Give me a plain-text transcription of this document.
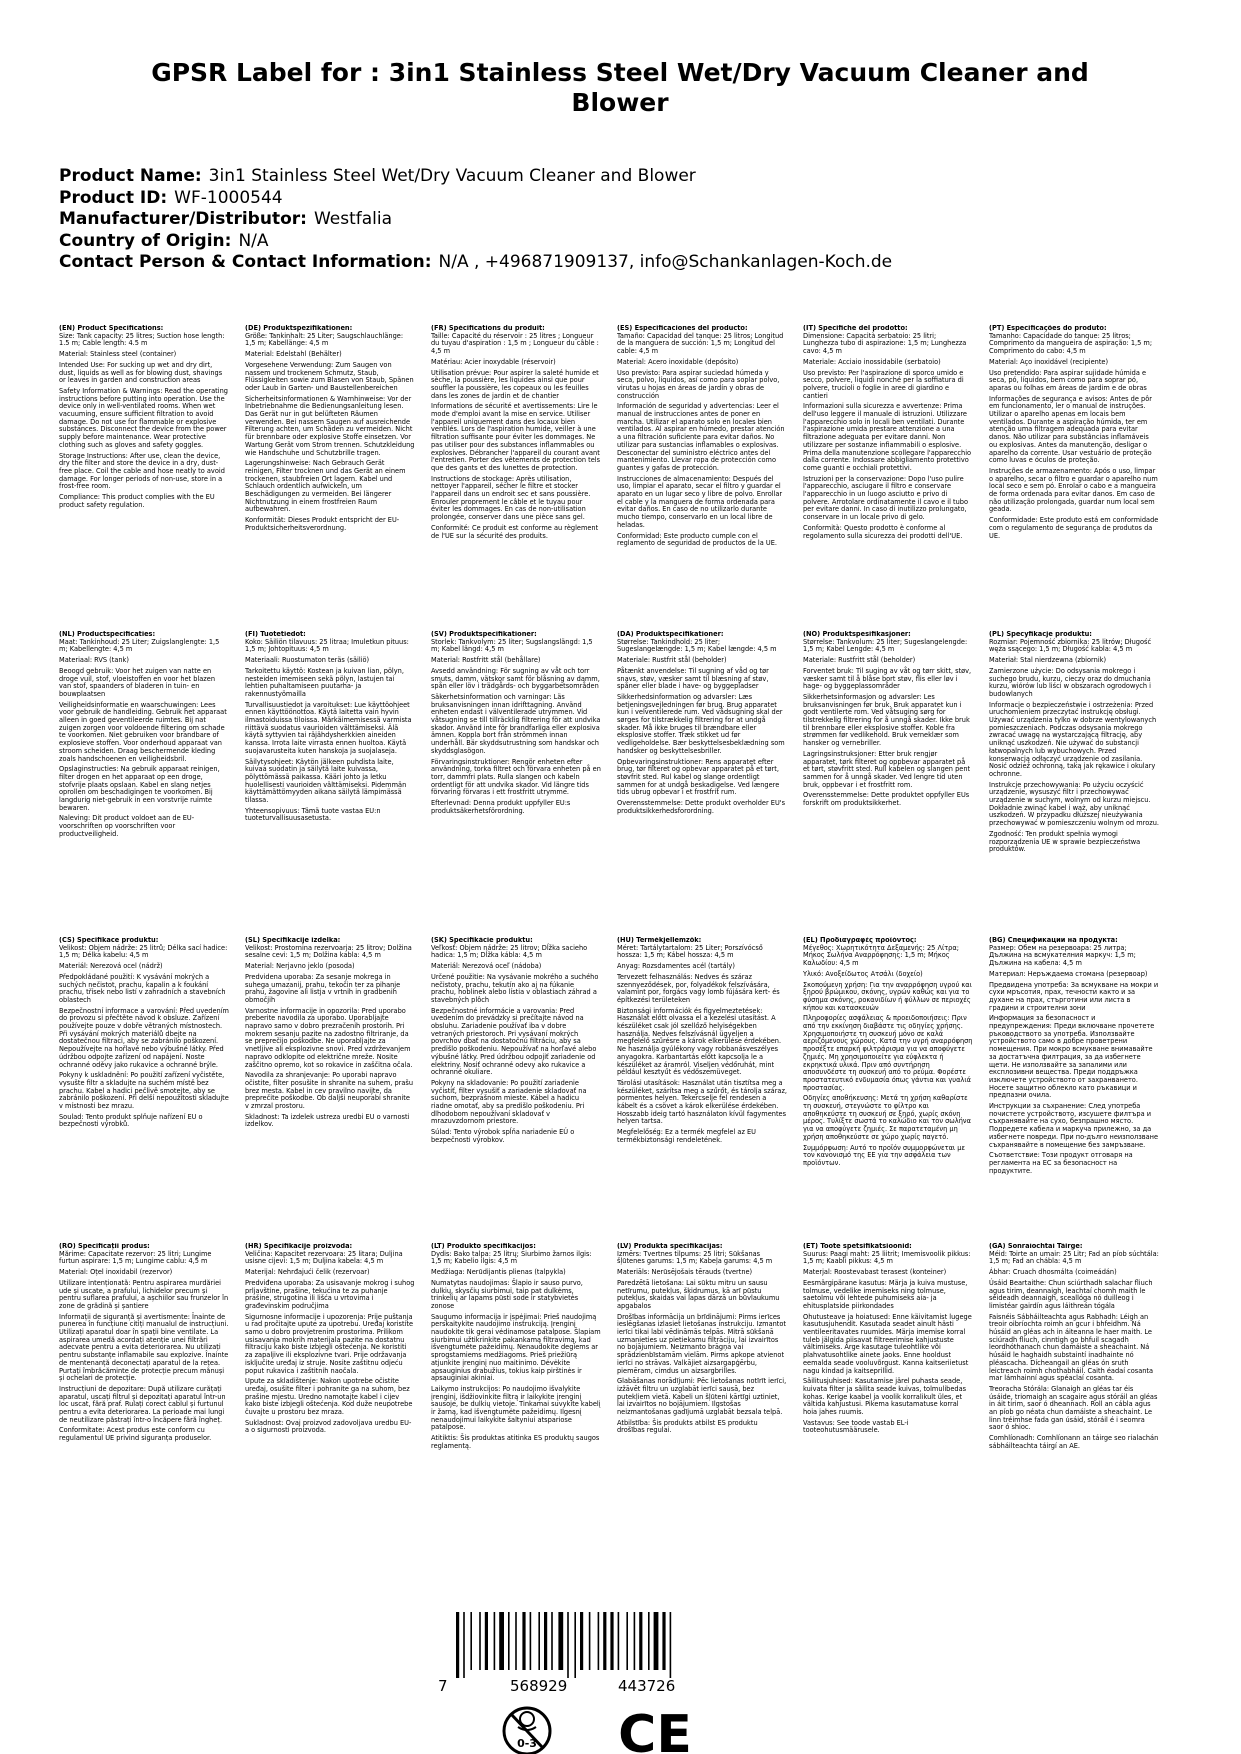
GPSR Label for : 3in1 Stainless Steel Wet/Dry Vacuum Cleaner and Blower
Product Name: 3in1 Stainless Steel Wet/Dry Vacuum Cleaner and Blower
Product ID: WF-1000544
Manufacturer/Distributor: Westfalia
Country of Origin: N/A
Contact Person & Contact Information: N/A , +496871909137, info@Schankanlagen-Koch.de
(EN) Product Specifications:

Size: Tank capacity: 25 litres; Suction hose length: 1.5 m; Cable length: 4.5 m

Material: Stainless steel (container)

Intended Use: For sucking up wet and dry dirt, dust, liquids as well as for blowing dust, shavings or leaves in garden and construction areas

Safety Information & Warnings: Read the operating instructions before putting into operation. Use the device only in well-ventilated rooms. When wet vacuuming, ensure sufficient filtration to avoid damage. Do not use for flammable or explosive substances. Disconnect the device from the power supply before maintenance. Wear protective clothing such as gloves and safety goggles.

Storage Instructions: After use, clean the device, dry the filter and store the device in a dry, dust-free place. Coil the cable and hose neatly to avoid damage. For longer periods of non-use, store in a frost-free room.

Compliance: This product complies with the EU product safety regulation.

(DE) Produktspezifikationen:

Größe: Tankinhalt: 25 Liter; Saugschlauchlänge: 1,5 m; Kabellänge: 4,5 m

Material: Edelstahl (Behälter)

Vorgesehene Verwendung: Zum Saugen von nassem und trockenem Schmutz, Staub, Flüssigkeiten sowie zum Blasen von Staub, Spänen oder Laub in Garten- und Baustellenbereichen

Sicherheitsinformationen & Warnhinweise: Vor der Inbetriebnahme die Bedienungsanleitung lesen. Das Gerät nur in gut belüfteten Räumen verwenden. Bei nassem Saugen auf ausreichende Filterung achten, um Schäden zu vermeiden. Nicht für brennbare oder explosive Stoffe einsetzen. Vor Wartung Gerät vom Strom trennen. Schutzkleidung wie Handschuhe und Schutzbrille tragen.

Lagerungshinweise: Nach Gebrauch Gerät reinigen, Filter trocknen und das Gerät an einem trockenen, staubfreien Ort lagern. Kabel und Schlauch ordentlich aufwickeln, um Beschädigungen zu vermeiden. Bei längerer Nichtnutzung in einem frostfreien Raum aufbewahren.

Konformität: Dieses Produkt entspricht der EU-Produktsicherheitsverordnung.

(FR) Spécifications du produit:

Taille: Capacité du réservoir : 25 litres ; Longueur du tuyau d'aspiration : 1,5 m ; Longueur du câble : 4,5 m

Matériau: Acier inoxydable (réservoir)

Utilisation prévue: Pour aspirer la saleté humide et sèche, la poussière, les liquides ainsi que pour souffler la poussière, les copeaux ou les feuilles dans les zones de jardin et de chantier

Informations de sécurité et avertissements: Lire le mode d'emploi avant la mise en service. Utiliser l'appareil uniquement dans des locaux bien ventilés. Lors de l'aspiration humide, veiller à une filtration suffisante pour éviter les dommages. Ne pas utiliser pour des substances inflammables ou explosives. Débrancher l'appareil du courant avant l'entretien. Porter des vêtements de protection tels que des gants et des lunettes de protection.

Instructions de stockage: Après utilisation, nettoyer l'appareil, sécher le filtre et stocker l'appareil dans un endroit sec et sans poussière. Enrouler proprement le câble et le tuyau pour éviter les dommages. En cas de non-utilisation prolongée, conserver dans une pièce sans gel.

Conformité: Ce produit est conforme au règlement de l'UE sur la sécurité des produits.

(ES) Especificaciones del producto:

Tamaño: Capacidad del tanque: 25 litros; Longitud de la manguera de succión: 1,5 m; Longitud del cable: 4,5 m

Material: Acero inoxidable (depósito)

Uso previsto: Para aspirar suciedad húmeda y seca, polvo, líquidos, así como para soplar polvo, virutas u hojas en áreas de jardín y obras de construcción

Información de seguridad y advertencias: Leer el manual de instrucciones antes de poner en marcha. Utilizar el aparato solo en locales bien ventilados. Al aspirar en húmedo, prestar atención a una filtración suficiente para evitar daños. No utilizar para sustancias inflamables o explosivas. Desconectar del suministro eléctrico antes del mantenimiento. Llevar ropa de protección como guantes y gafas de protección.

Instrucciones de almacenamiento: Después del uso, limpiar el aparato, secar el filtro y guardar el aparato en un lugar seco y libre de polvo. Enrollar el cable y la manguera de forma ordenada para evitar daños. En caso de no utilizarlo durante mucho tiempo, conservarlo en un local libre de heladas.

Conformidad: Este producto cumple con el reglamento de seguridad de productos de la UE.

(IT) Specifiche del prodotto:

Dimensione: Capacità serbatoio: 25 litri; Lunghezza tubo di aspirazione: 1,5 m; Lunghezza cavo: 4,5 m

Materiale: Acciaio inossidabile (serbatoio)

Uso previsto: Per l'aspirazione di sporco umido e secco, polvere, liquidi nonché per la soffiatura di polvere, trucioli o foglie in aree di giardino e cantieri

Informazioni sulla sicurezza e avvertenze: Prima dell'uso leggere il manuale di istruzioni. Utilizzare l'apparecchio solo in locali ben ventilati. Durante l'aspirazione umida prestare attenzione a una filtrazione adeguata per evitare danni. Non utilizzare per sostanze infiammabili o esplosive. Prima della manutenzione scollegare l'apparecchio dalla corrente. Indossare abbigliamento protettivo come guanti e occhiali protettivi.

Istruzioni per la conservazione: Dopo l'uso pulire l'apparecchio, asciugare il filtro e conservare l'apparecchio in un luogo asciutto e privo di polvere. Arrotolare ordinatamente il cavo e il tubo per evitare danni. In caso di inutilizzo prolungato, conservare in un locale privo di gelo.

Conformità: Questo prodotto è conforme al regolamento sulla sicurezza dei prodotti dell'UE.

(PT) Especificações do produto:

Tamanho: Capacidade do tanque: 25 litros; Comprimento da mangueira de aspiração: 1,5 m; Comprimento do cabo: 4,5 m

Material: Aço inoxidável (recipiente)

Uso pretendido: Para aspirar sujidade húmida e seca, pó, líquidos, bem como para soprar pó, aparas ou folhas em áreas de jardim e de obras

Informações de segurança e avisos: Antes de pôr em funcionamento, ler o manual de instruções. Utilizar o aparelho apenas em locais bem ventilados. Durante a aspiração húmida, ter em atenção uma filtragem adequada para evitar danos. Não utilizar para substâncias inflamáveis ou explosivas. Antes da manutenção, desligar o aparelho da corrente. Usar vestuário de proteção como luvas e óculos de proteção.

Instruções de armazenamento: Após o uso, limpar o aparelho, secar o filtro e guardar o aparelho num local seco e sem pó. Enrolar o cabo e a mangueira de forma ordenada para evitar danos. Em caso de não utilização prolongada, guardar num local sem geada.

Conformidade: Este produto está em conformidade com o regulamento de segurança de produtos da UE.

(NL) Productspecificaties:

Maat: Tankinhoud: 25 Liter; Zuigslanglengte: 1,5 m; Kabellengte: 4,5 m

Materiaal: RVS (tank)

Beoogd gebruik: Voor het zuigen van natte en droge vuil, stof, vloeistoffen en voor het blazen van stof, spaanders of bladeren in tuin- en bouwplaatsen

Veiligheidsinformatie en waarschuwingen: Lees voor gebruik de handleiding. Gebruik het apparaat alleen in goed geventileerde ruimtes. Bij nat zuigen zorgen voor voldoende filtering om schade te voorkomen. Niet gebruiken voor brandbare of explosieve stoffen. Voor onderhoud apparaat van stroom scheiden. Draag beschermende kleding zoals handschoenen en veiligheidsbril.

Opslaginstructies: Na gebruik apparaat reinigen, filter drogen en het apparaat op een droge, stofvrije plaats opslaan. Kabel en slang netjes oprollen om beschadigingen te voorkomen. Bij langdurig niet-gebruik in een vorstvrije ruimte bewaren.

Naleving: Dit product voldoet aan de EU-voorschriften op voorschriften voor productveiligheid.

(FI) Tuotetiedot:

Koko: Säiliön tilavuus: 25 litraa; Imuletkun pituus: 1,5 m; Johtopituus: 4,5 m

Materiaali: Ruostumaton teräs (säiliö)

Tarkoitettu käyttö: Kostean ja kuivan lian, pölyn, nesteiden imemiseen sekä pölyn, lastujen tai lehtien puhaltamiseen puutarha- ja rakennustyömailla

Turvallisuustiedot ja varoitukset: Lue käyttöohjeet ennen käyttöönottoa. Käytä laitetta vain hyvin ilmastoiduissa tiloissa. Märkäimemisessä varmista riittävä suodatus vaurioiden välttämiseksi. Älä käytä syttyvien tai räjähdysherkkien aineiden kanssa. Irrota laite virrasta ennen huoltoa. Käytä suojavarusteita kuten hanskoja ja suojalaseja.

Säilytysohjeet: Käytön jälkeen puhdista laite, kuivaa suodatin ja säilytä laite kuivassa, pölyttömässä paikassa. Kääri johto ja letku huolellisesti vaurioiden välttämiseksi. Pidemmän käyttämättömyyden aikana säilytä lämpimässä tilassa.

Yhteensopivuus: Tämä tuote vastaa EU:n tuoteturvallisuusasetusta.

(SV) Produktspecifikationer:

Storlek: Tankvolym: 25 liter; Sugslangslängd: 1,5 m; Kabel längd: 4,5 m

Material: Rostfritt stål (behållare)

Avsedd användning: För sugning av våt och torr smuts, damm, vätskor samt för blåsning av damm, spån eller löv i trädgårds- och byggarbetsområden

Säkerhetsinformation och varningar: Läs bruksanvisningen innan idrifttagning. Använd enheten endast i välventilerade utrymmen. Vid våtsugning se till tillräcklig filtrering för att undvika skador. Använd inte för brandfarliga eller explosiva ämnen. Koppla bort från strömmen innan underhåll. Bär skyddsutrustning som handskar och skyddsglasögon.

Förvaringsinstruktioner: Rengör enheten efter användning, torka filtret och förvara enheten på en torr, dammfri plats. Rulla slangen och kabeln ordentligt för att undvika skador. Vid längre tids förvaring förvaras i ett frostfritt utrymme.

Efterlevnad: Denna produkt uppfyller EU:s produktsäkerhetsförordning.

(DA) Produktspecifikationer:

Størrelse: Tankindhold: 25 liter; Sugeslangelængde: 1,5 m; Kabel længde: 4,5 m

Materiale: Rustfrit stål (beholder)

Påtænkt anvendelse: Til sugning af våd og tør snavs, støv, væsker samt til blæsning af støv, spåner eller blade i have- og byggepladser

Sikkerhedsinformation og advarsler: Læs betjeningsvejledningen før brug. Brug apparatet kun i velventilerede rum. Ved vådsugning skal der sørges for tilstrækkelig filtrering for at undgå skader. Må ikke bruges til brændbare eller eksplosive stoffer. Træk stikket ud før vedligeholdelse. Bær beskyttelsesbeklædning som handsker og beskyttelsesbriller.

Opbevaringsinstruktioner: Rens apparatet efter brug, tør filteret og opbevar apparatet på et tørt, støvfrit sted. Rul kabel og slange ordentligt sammen for at undgå beskadigelse. Ved længere tids ubrug opbevar i et frostfrit rum.

Overensstemmelse: Dette produkt overholder EU's produktsikkerhedsforordning.

(NO) Produktspesifikasjoner:

Størrelse: Tankvolum: 25 liter; Sugeslangelengde: 1,5 m; Kabel Lengde: 4,5 m

Materiale: Rustfritt stål (beholder)

Forventet bruk: Til suging av våt og tørr skitt, støv, væsker samt til å blåse bort støv, flis eller løv i hage- og byggeplassområder

Sikkerhetsinformasjon og advarsler: Les bruksanvisningen før bruk. Bruk apparatet kun i godt ventilerte rom. Ved våtsuging sørg for tilstrekkelig filtrering for å unngå skader. Ikke bruk til brennbare eller eksplosive stoffer. Koble fra strømmen før vedlikehold. Bruk verneklær som hansker og vernebriller.

Lagringsinstruksjoner: Etter bruk rengjør apparatet, tørk filteret og oppbevar apparatet på et tørt, støvfritt sted. Rull kabelen og slangen pent sammen for å unngå skader. Ved lengre tid uten bruk, oppbevar i et frostfritt rom.

Overensstemmelse: Dette produktet oppfyller EUs forskrift om produktsikkerhet.

(PL) Specyfikacje produktu:

Rozmiar: Pojemność zbiornika: 25 litrów; Długość węża ssącego: 1,5 m; Długość kabla: 4,5 m

Materiał: Stal nierdzewna (zbiornik)

Zamierzone użycie: Do odsysania mokrego i suchego brudu, kurzu, cieczy oraz do dmuchania kurzu, wiórów lub liści w obszarach ogrodowych i budowlanych

Informacje o bezpieczeństwie i ostrzeżenia: Przed uruchomieniem przeczytać instrukcję obsługi. Używać urządzenia tylko w dobrze wentylowanych pomieszczeniach. Podczas odsysania mokrego zwracać uwagę na wystarczającą filtrację, aby uniknąć uszkodzeń. Nie używać do substancji łatwopalnych lub wybuchowych. Przed konserwacją odłączyć urządzenie od zasilania. Nosić odzież ochronną, taką jak rękawice i okulary ochronne.

Instrukcje przechowywania: Po użyciu oczyścić urządzenie, wysuszyć filtr i przechowywać urządzenie w suchym, wolnym od kurzu miejscu. Dokładnie zwinąć kabel i wąż, aby uniknąć uszkodzeń. W przypadku dłuższej nieużywania przechowywać w pomieszczeniu wolnym od mrozu.

Zgodność: Ten produkt spełnia wymogi rozporządzenia UE w sprawie bezpieczeństwa produktów.

(CS) Specifikace produktu:

Velikost: Objem nádrže: 25 litrů; Délka sací hadice: 1,5 m; Délka kabelu: 4,5 m

Materiál: Nerezová ocel (nádrž)

Předpokládané použití: K vysávání mokrých a suchých nečistot, prachu, kapalin a k foukání prachu, třísek nebo listí v zahradních a stavebních oblastech

Bezpečnostní informace a varování: Před uvedením do provozu si přečtěte návod k obsluze. Zařízení používejte pouze v dobře větraných místnostech. Při vysávání mokrých materiálů dbejte na dostatečnou filtraci, aby se zabránilo poškození. Nepoužívejte na hořlavé nebo výbušné látky. Před údržbou odpojte zařízení od napájení. Noste ochranné oděvy jako rukavice a ochranné brýle.

Pokyny k uskladnění: Po použití zařízení vyčistěte, vysušte filtr a skladujte na suchém místě bez prachu. Kabel a hadici pečlivě smotejte, aby se zabránilo poškození. Při delší nepoužitosti skladujte v místnosti bez mrazu.

Soulad: Tento produkt splňuje nařízení EU o bezpečnosti výrobků.

(SL) Specifikacije izdelka:

Velikost: Prostornina rezervoarja: 25 litrov; Dolžina sesalne cevi: 1,5 m; Dolžina kabla: 4,5 m

Material: Nerjavno jeklo (posoda)

Predvidena uporaba: Za sesanje mokrega in suhega umazanij, prahu, tekočin ter za pihanje prahu, žagovine ali listja v vrtnih in gradbenih območjih

Varnostne informacije in opozorila: Pred uporabo preberite navodila za uporabo. Uporabljajte napravo samo v dobro prezračenih prostorih. Pri mokrem sesanju pazite na zadostno filtriranje, da se preprečijo poškodbe. Ne uporabljajte za vnetljive ali eksplozivne snovi. Pred vzdrževanjem napravo odklopite od električne mreže. Nosite zaščitno opremo, kot so rokavice in zaščitna očala.

Navodila za shranjevanje: Po uporabi napravo očistite, filter posušite in shranite na suhem, prašu brez mesta. Kabel in cev pravilno navijte, da preprečite poškodbe. Ob daljši neuporabi shranite v zmrzal prostoru.

Skladnost: Ta izdelek ustreza uredbi EU o varnosti izdelkov.

(SK) Špecifikácie produktu:

Veľkosť: Objem nádrže: 25 litrov; Dĺžka sacieho hadica: 1,5 m; Dĺžka kábla: 4,5 m

Materiál: Nerezová oceľ (nádoba)

Určené použitie: Na vysávanie mokrého a suchého nečistoty, prachu, tekutín ako aj na fúkanie prachu, hoblinek alebo lístia v oblastiach záhrad a stavebných plôch

Bezpečnostné informácie a varovania: Pred uvedením do prevádzky si prečítajte návod na obsluhu. Zariadenie používať iba v dobre vetraných priestoroch. Pri vysávaní mokrých povrchov dbať na dostatočnú filtráciu, aby sa predišlo poškodeniu. Nepoužívať na horľavé alebo výbušné látky. Pred údržbou odpojiť zariadenie od elektriny. Nosiť ochranné odevy ako rukavice a ochranné okuliare.

Pokyny na skladovanie: Po použití zariadenie vyčistiť, filter vysušiť a zariadenie skladovať na suchom, bezprašnom mieste. Kábel a hadicu riadne omotať, aby sa predišlo poškodeniu. Pri dlhodobom nepoužívaní skladovať v mrazuvzdornom priestore.

Súlad: Tento výrobok spĺňa nariadenie EÚ o bezpečnosti výrobkov.

(HU) Termékjellemzők:

Méret: Tartálytartalom: 25 Liter; Porszívócső hossza: 1,5 m; Kábel hossza: 4,5 m

Anyag: Rozsdamentes acél (tartály)

Tervezett felhasználás: Nedves és száraz szennyeződések, por, folyadékok felszívására, valamint por, forgács vagy lomb fújására kert- és építkezési területeken

Biztonsági információk és figyelmeztetések: Használat előtt olvassa el a kezelési utasítást. A készüléket csak jól szellőző helyiségekben használja. Nedves felszívásnál ügyeljen a megfelelő szűrésre a károk elkerülése érdekében. Ne használja gyúlékony vagy robbanásveszélyes anyagokra. Karbantartás előtt kapcsolja le a készüléket az áramról. Viseljen védőruhát, mint például kesztyűt és védőszemüveget.

Tárolási utasítások: Használat után tisztítsa meg a készüléket, szárítsa meg a szűrőt, és tárolja száraz, pormentes helyen. Tekercselje fel rendesen a kábelt és a csövet a károk elkerülése érdekében. Hosszabb ideig tartó használaton kívül fagymentes helyen tartsa.

Megfelelőség: Ez a termék megfelel az EU termékbiztonsági rendeletének.

(EL) Προδιαγραφές προϊόντος:

Μέγεθος: Χωρητικότητα Δεξαμενής: 25 Λίτρα; Μήκος Σωλήνα Αναρρόφησης: 1,5 m; Μήκος Καλωδίου: 4,5 m

Υλικό: Ανοξείδωτος Ατσάλι (δοχείο)

Σκοπούμενη χρήση: Για την αναρρόφηση υγρού και ξηρού βρώμικου, σκόνης, υγρών καθώς και για το φύσημα σκόνης, ροκανιδίων ή φύλλων σε περιοχές κήπου και κατασκευών

Πληροφορίες ασφάλειας & προειδοποιήσεις: Πριν από την εκκίνηση διαβάστε τις οδηγίες χρήσης. Χρησιμοποιήστε τη συσκευή μόνο σε καλά αεριζόμενους χώρους. Κατά την υγρή αναρρόφηση προσέξτε επαρκή φιλτράρισμα για να αποφύγετε ζημιές. Μη χρησιμοποιείτε για εύφλεκτα ή εκρηκτικά υλικά. Πριν από συντήρηση αποσυνδέστε τη συσκευή από το ρεύμα. Φορέστε προστατευτικό ενδυμασία όπως γάντια και γυαλιά προστασίας.

Οδηγίες αποθήκευσης: Μετά τη χρήση καθαρίστε τη συσκευή, στεγνώστε το φίλτρο και αποθηκεύστε τη συσκευή σε ξηρό, χωρίς σκόνη μέρος. Τυλίξτε σωστά το καλώδιο και τον σωλήνα για να αποφύγετε ζημιές. Σε παρατεταμένη μη χρήση αποθηκεύστε σε χώρο χωρίς παγετό.

Συμμόρφωση: Αυτό το προϊόν συμμορφώνεται με τον κανονισμό της ΕΕ για την ασφάλεια των προϊόντων.

(BG) Спецификации на продукта:

Размер: Обем на резервоара: 25 литра; Дължина на всмукателния маркуч: 1,5 m; Дължина на кабела: 4,5 m

Материал: Неръждаема стомана (резервоар)

Предвидена употреба: За всмукване на мокри и сухи мръсотия, прах, течности както и за духане на прах, стърготини или листа в градини и строителни зони

Информация за безопасност и предупреждения: Преди включване прочетете ръководството за употреба. Използвайте устройството само в добре проветрени помещения. При мокро всмукване внимавайте за достатъчна филтрация, за да избегнете щети. Не използвайте за запалими или експлозивни вещества. Преди поддръжка изключете устройството от захранването. Носете защитно облекло като ръкавици и предпазни очила.

Инструкции за съхранение: След употреба почистете устройството, изсушете филтъра и съхранявайте на сухо, безпрашно място. Подредете кабела и маркуча прилежно, за да избегнете повреди. При по-дълго неизползване съхранявайте в помещение без замръзване.

Съответствие: Този продукт отговаря на регламента на ЕС за безопасност на продуктите.

(RO) Specificații produs:

Mărime: Capacitate rezervor: 25 litri; Lungime furtun aspirare: 1,5 m; Lungime cablu: 4,5 m

Material: Oțel inoxidabil (rezervor)

Utilizare intenționată: Pentru aspirarea murdăriei ude și uscate, a prafului, lichidelor precum și pentru suflarea prafului, a așchiilor sau frunzelor în zone de grădină și șantiere

Informații de siguranță și avertismente: Înainte de punerea în funcțiune citiți manualul de instrucțiuni. Utilizați aparatul doar în spații bine ventilate. La aspirarea umedă acordați atenție unei filtrări adecvate pentru a evita deteriorarea. Nu utilizați pentru substanțe inflamabile sau explozive. Înainte de mentenanță deconectați aparatul de la rețea. Purtați îmbrăcăminte de protecție precum mănuși și ochelari de protecție.

Instrucțiuni de depozitare: După utilizare curățați aparatul, uscați filtrul și depozitați aparatul într-un loc uscat, fără praf. Rulați corect cablul și furtunul pentru a evita deteriorarea. La perioade mai lungi de neutilizare păstrați într-o încăpere fără îngheț.

Conformitate: Acest produs este conform cu regulamentul UE privind siguranța produselor.

(HR) Specifikacije proizvoda:

Veličina: Kapacitet rezervoara: 25 litara; Duljina usisne cijevi: 1,5 m; Duljina kabela: 4,5 m

Materijal: Nehrđajući čelik (rezervoar)

Predviđena uporaba: Za usisavanje mokrog i suhog prljavštine, prašine, tekućina te za puhanje prašine, strugotina ili lišća u vrtovima i građevinskim područjima

Sigurnosne informacije i upozorenja: Prije puštanja u rad pročitajte upute za upotrebu. Uređaj koristite samo u dobro provjetrenim prostorima. Prilikom usisavanja mokrih materijala pazite na dostatnu filtraciju kako biste izbjegli oštećenja. Ne koristiti za zapaljive ili eksplozivne tvari. Prije održavanja isključite uređaj iz struje. Nosite zaštitnu odjeću poput rukavica i zaštitnih naočala.

Upute za skladištenje: Nakon upotrebe očistite uređaj, osušite filter i pohranite ga na suhom, bez prašine mjestu. Uredno namotajte kabel i cijev kako biste izbjegli oštećenja. Kod duže neupotrebe čuvajte u prostoru bez mraza.

Sukladnost: Ovaj proizvod zadovoljava uredbu EU-a o sigurnosti proizvoda.

(LT) Produkto specifikacijos:

Dydis: Bako talpa: 25 litrų; Siurbimo žarnos ilgis: 1,5 m; Kabelio ilgis: 4,5 m

Medžiaga: Nerūdijantis plienas (talpykla)

Numatytas naudojimas: Šlapio ir sauso purvo, dulkių, skysčių siurbimui, taip pat dulkėms, trinkelių ar lapams pūsti sode ir statybvietės zonose

Saugumo informacija ir įspėjimai: Prieš naudojimą perskaitykite naudojimo instrukciją. Įrenginį naudokite tik gerai vėdinamose patalpose. Šlapiam siurbimui užtikrinkite pakankamą filtravimą, kad išvengtumėte pažeidimų. Nenaudokite degiems ar sprogstamiems medžiagoms. Prieš priežiūrą atjunkite įrenginį nuo maitinimo. Dėvėkite apsauginius drabužius, tokius kaip pirštinės ir apsauginiai akiniai.

Laikymo instrukcijos: Po naudojimo išvalykite įrenginį, išdžiovinkite filtrą ir laikykite įrenginį sausoje, be dulkių vietoje. Tinkamai suvykite kabelį ir žarną, kad išvengtumėte pažeidimų. Ilgesnį nenaudojimui laikykite šaltyniui atspariose patalpose.

Atitiktis: Šis produktas atitinka ES produktų saugos reglamentą.

(LV) Produkta specifikācijas:

Izmērs: Tvertnes tilpums: 25 litri; Sūkšanas šļūtenes garums: 1,5 m; Kabeļa garums: 4,5 m

Materiāls: Nerūsējošais tērauds (tvertne)

Paredzētā lietošana: Lai sūktu mitru un sausu netīrumu, putekļus, šķidrumus, kā arī pūstu putekļus, skaidas vai lapas dārzā un būvlaukumu apgabalos

Drošības informācija un brīdinājumi: Pirms ierīces ieslēgšanas izlasiet lietošanas instrukciju. Izmantot ierīci tikai labi vēdināmās telpās. Mitrā sūkšanā uzmanieties uz pietiekamu filtrāciju, lai izvairītos no bojājumiem. Neizmanto brāgņa vai sprādzienbīstamām vielām. Pirms apkope atvienot ierīci no strāvas. Valkājiet aizsargapģērbu, piemēram, cimdus un aizsargbrilles.

Glabāšanas norādījumi: Pēc lietošanas notīrīt ierīci, izžāvēt filtru un uzglabāt ierīci sausā, bez putekļiem vietā. Kabeli un šļūteni kārtīgi uztiniet, lai izvairītos no bojājumiem. Ilgstošas neizmantošanas gadījumā uzglabāt bezsala telpā.

Atbilstība: Šis produkts atbilst ES produktu drošības regulai.

(ET) Toote spetsifikatsioonid:

Suurus: Paagi maht: 25 liitrit; Imemisvoolik pikkus: 1,5 m; Kaabli pikkus: 4,5 m

Materjal: Roostevabast terasest (konteiner)

Eesmärgipärane kasutus: Märja ja kuiva mustuse, tolmuse, vedelike imemiseks ning tolmuse, saetolmu või lehtede puhumiseks aia- ja ehitusplatside piirkondades

Ohutusteave ja hoiatused: Enne käivitamist lugege kasutusjuhendit. Kasutada seadet ainult hästi ventileeritavates ruumides. Märja imemise korral tuleb jälgida piisavat filtreerimise kahjustuste vältimiseks. Ärge kasutage tuleohtlike või plahvatusohtlike ainete jaoks. Enne hooldust eemalda seade vooluvõrgust. Kanna kaitseriietust nagu kindad ja kaitseprillid.

Säilitusjuhised: Kasutamise järel puhasta seade, kuivata filter ja säilita seade kuivas, tolmulibedas kohas. Kerige kaabel ja voolik korralikult üles, et vältida kahjustusi. Pikema kasutamatuse korral hoia jahes ruumis.

Vastavus: See toode vastab EL-i tooteohutusmäärusele.

(GA) Sonraíochtaí Táirge:

Méid: Toirte an umair: 25 Litr; Fad an píob súchtála: 1,5 m; Fad an chábla: 4,5 m

Ábhar: Cruach dhosmálta (coimeádán)

Úsáid Beartaithe: Chun sciúrthadh salachar fliuch agus tirim, deannaigh, leachtaí chomh maith le séideadh deannaigh, sceallóga nó duilleog i limistéar gairdín agus láithreán tógála

Faisnéis Sábháilteachta agus Rabhadh: Léigh an treoir oibríochta roimh an gcur i bhfeidhm. Ná húsáid an gléas ach in áiteanna le haer maith. Le sciúradh fliuch, cinntigh go bhfuil scagadh leordhóthanach chun damáiste a sheachaint. Ná húsáid le haghaidh substaintí inadhainte nó pléascacha. Dícheangail an gléas ón sruth leictreach roimh chothabháil. Caith éadaí cosanta mar lámhainní agus spéaclaí cosanta.

Treoracha Stórála: Glanaigh an gléas tar éis úsáide, triomaigh an scagaire agus stóráil an gléas in áit tirim, saor ó dheannach. Roll an cábla agus an píob go néata chun damáiste a sheachaint. Le linn tréimhse fada gan úsáid, stóráil é i seomra saor ó shioc.

Comhlíonadh: Comhlíonann an táirge seo rialachán sábháilteachta táirgí an AE.

7	568929	443726
0-3 CE
